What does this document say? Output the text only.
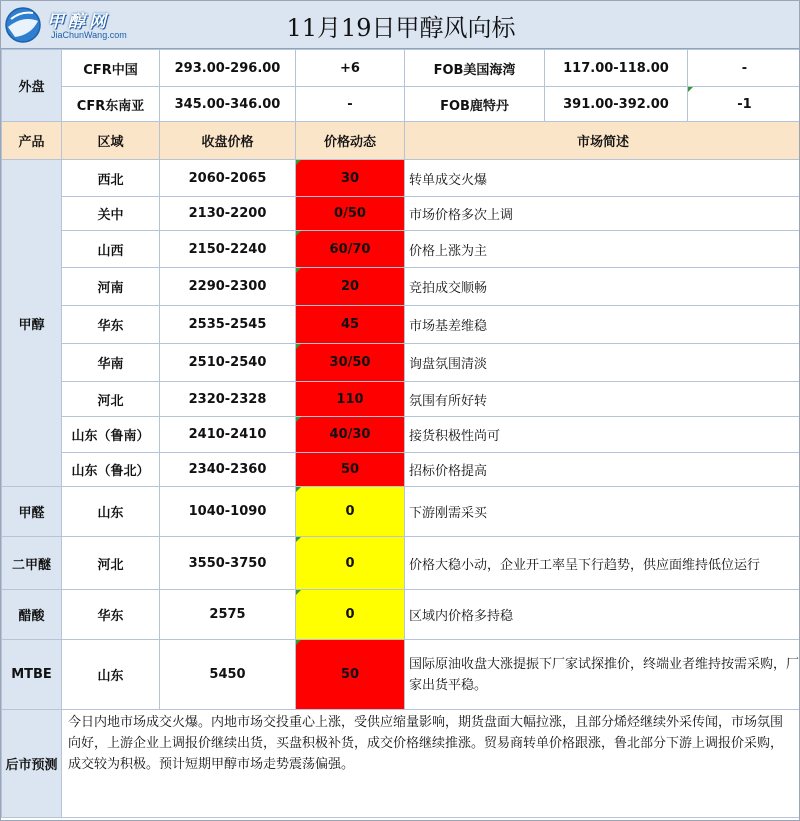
甲醇网
JiaChunWang.com	11月19日甲醇风向标
外盘	CFR中国	293.00-296.00	+6	FOB美国海湾	117.00-118.00	-
	CFR东南亚	345.00-346.00	-	FOB鹿特丹	391.00-392.00	-1
产品	区域	收盘价格	价格动态	市场简述		
甲醇	西北	2060-2065	30	转单成交火爆		
	关中	2130-2200	0/50	市场价格多次上调		
	山西	2150-2240	60/70	价格上涨为主		
	河南	2290-2300	20	竞拍成交顺畅		
	华东	2535-2545	45	市场基差维稳		
	华南	2510-2540	30/50	询盘氛围清淡		
	河北	2320-2328	110	氛围有所好转		
	山东（鲁南）	2410-2410	40/30	接货积极性尚可		
	山东（鲁北）	2340-2360	50	招标价格提高		
甲醛	山东	1040-1090	0	下游刚需采买		
二甲醚	河北	3550-3750	0	价格大稳小动，企业开工率呈下行趋势，供应面维持低位运行		
醋酸	华东	2575	0	区域内价格多持稳		
MTBE	山东	5450	50	国际原油收盘大涨提振下厂家试探推价，终端业者维持按需采购，厂家出货平稳。		
后市预测	今日内地市场成交火爆。内地市场交投重心上涨，受供应缩量影响，期货盘面大幅拉涨，且部分烯烃继续外采传闻，市场氛围向好，上游企业上调报价继续出货，买盘积极补货，成交价格继续推涨。贸易商转单价格跟涨，鲁北部分下游上调报价采购，成交较为积极。预计短期甲醇市场走势震荡偏强。					
